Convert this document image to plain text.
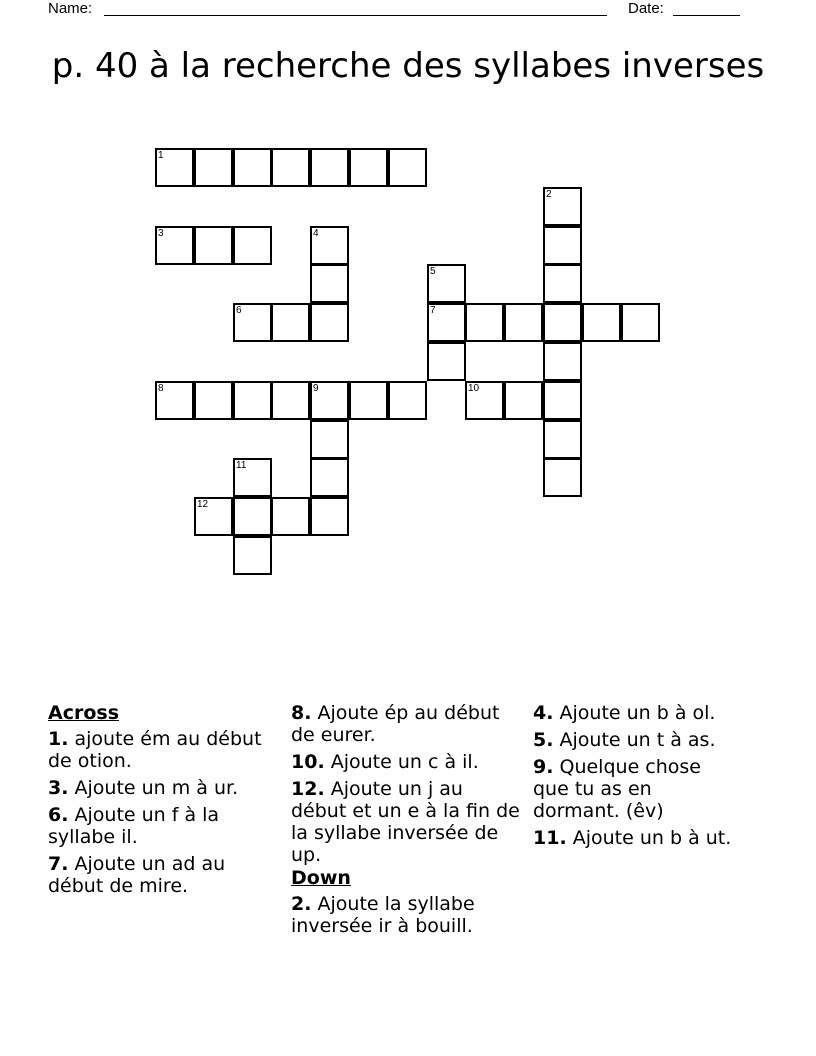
Name:	Date:
p. 40 à la recherche des syllabes inverses
1
2
3	4
5
6	7
8	9	10
11
12
Across
1. ajoute ém au début de otion.
3. Ajoute un m à ur.
6. Ajoute un f à la syllabe il.
7. Ajoute un ad au début de mire.
8. Ajoute ép au début de eurer.
10. Ajoute un c à il.
12. Ajoute un j au début et un e à la fin de la syllabe inversée de up.
Down
2. Ajoute la syllabe inversée ir à bouill.
4. Ajoute un b à ol.
5. Ajoute un t à as.
9. Quelque chose que tu as en dormant. (êv)
11. Ajoute un b à ut.
